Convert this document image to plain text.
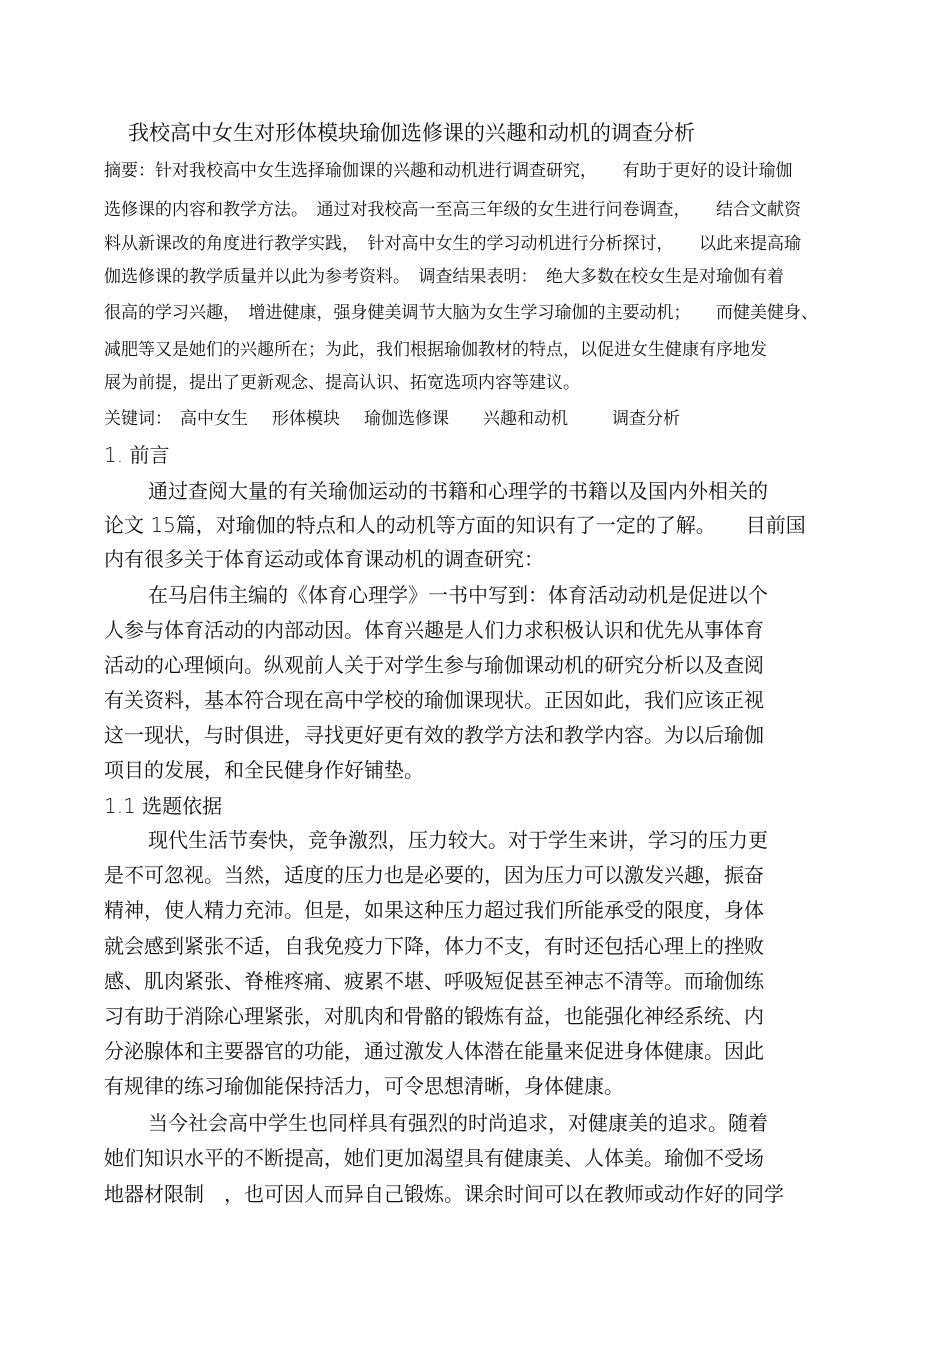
我校高中女生对形体模块瑜伽选修课的兴趣和动机的调查分析
摘要：针对我校高中女生选择瑜伽课的兴趣和动机进行调查研究，　　有助于更好的设计瑜伽
选修课的内容和教学方法。　通过对我校高一至高三年级的女生进行问卷调查，　　结合文献资
料从新课改的角度进行教学实践，　针对高中女生的学习动机进行分析探讨，　　以此来提高瑜
伽选修课的教学质量并以此为参考资料。　调查结果表明：　绝大多数在校女生是对瑜伽有着
很高的学习兴趣，　增进健康，强身健美调节大脑为女生学习瑜伽的主要动机；　　而健美健身、
减肥等又是她们的兴趣所在；为此，我们根据瑜伽教材的特点，以促进女生健康有序地发
展为前提，提出了更新观念、提高认识、拓宽选项内容等建议。
关键词： 高中女生 形体模块 瑜伽选修课 兴趣和动机	调查分析
1. 前言
通过查阅大量的有关瑜伽运动的书籍和心理学的书籍以及国内外相关的
论文 15篇，对瑜伽的特点和人的动机等方面的知识有了一定的了解。　　目前国
内有很多关于体育运动或体育课动机的调查研究：
在马启伟主编的《体育心理学》一书中写到：体育活动动机是促进以个
人参与体育活动的内部动因。体育兴趣是人们力求积极认识和优先从事体育
活动的心理倾向。纵观前人关于对学生参与瑜伽课动机的研究分析以及查阅
有关资料，基本符合现在高中学校的瑜伽课现状。正因如此，我们应该正视
这一现状，与时俱进，寻找更好更有效的教学方法和教学内容。为以后瑜伽
项目的发展，和全民健身作好铺垫。
1.1 选题依据
现代生活节奏快，竞争激烈，压力较大。对于学生来讲，学习的压力更
是不可忽视。当然，适度的压力也是必要的，因为压力可以激发兴趣，振奋
精神，使人精力充沛。但是，如果这种压力超过我们所能承受的限度，身体
就会感到紧张不适，自我免疫力下降，体力不支，有时还包括心理上的挫败
感、肌肉紧张、脊椎疼痛、疲累不堪、呼吸短促甚至神志不清等。而瑜伽练
习有助于消除心理紧张，对肌肉和骨骼的锻炼有益，也能强化神经系统、内
分泌腺体和主要器官的功能，通过激发人体潜在能量来促进身体健康。因此
有规律的练习瑜伽能保持活力，可令思想清晰，身体健康。
当今社会高中学生也同样具有强烈的时尚追求，对健康美的追求。随着
她们知识水平的不断提高，她们更加渴望具有健康美、人体美。瑜伽不受场
地器材限制　，也可因人而异自己锻炼。课余时间可以在教师或动作好的同学
